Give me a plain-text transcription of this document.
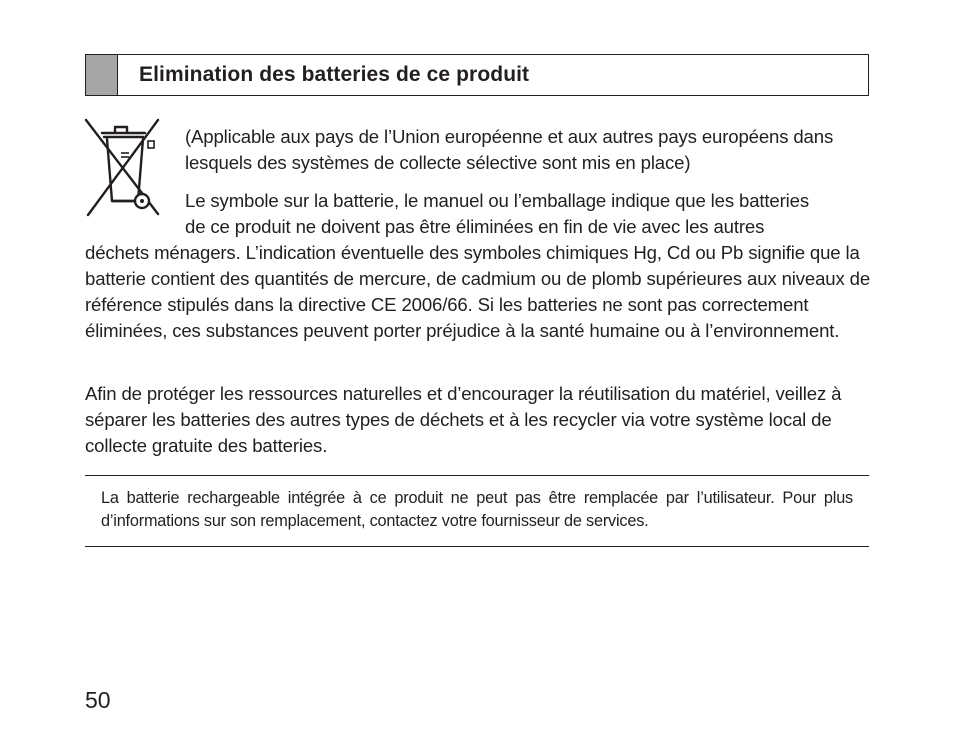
Elimination des batteries de ce produit

(Applicable aux pays de l’Union européenne et aux autres pays européens dans lesquels des systèmes de collecte sélective sont mis en place)

Le symbole sur la batterie, le manuel ou l’emballage indique que les batteries
de ce produit ne doivent pas être éliminées en fin de vie avec les autres

déchets ménagers. L’indication éventuelle des symboles chimiques Hg, Cd ou Pb signifie que la batterie contient des quantités de mercure, de cadmium ou de plomb supérieures aux niveaux de référence stipulés dans la directive CE 2006/66. Si les batteries ne sont pas correctement éliminées, ces substances peuvent porter préjudice à la santé humaine ou à l’environnement.

Afin de protéger les ressources naturelles et d’encourager la réutilisation du matériel, veillez à séparer les batteries des autres types de déchets et à les recycler via votre système local de collecte gratuite des batteries.

La batterie rechargeable intégrée à ce produit ne peut pas être remplacée par l’utilisateur. Pour plus d’informations sur son remplacement, contactez votre fournisseur de services.

50
